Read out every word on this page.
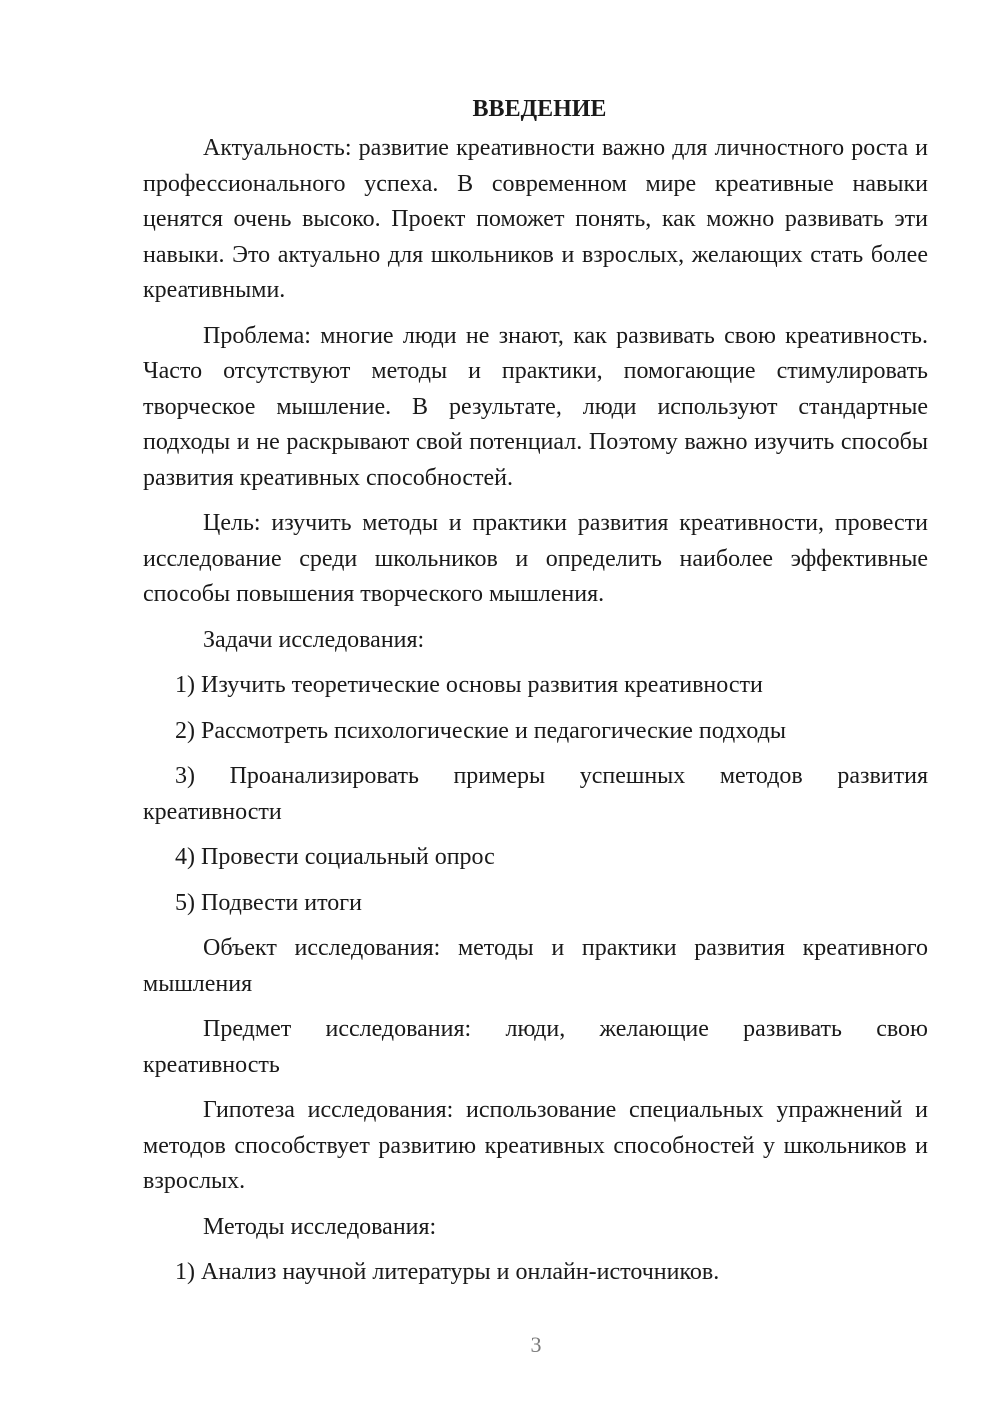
ВВЕДЕНИЕ

Актуальность: развитие креативности важно для личностного роста и профессионального успеха. В современном мире креативные навыки ценятся очень высоко. Проект поможет понять, как можно развивать эти навыки. Это актуально для школьников и взрослых, желающих стать более креативными.

Проблема: многие люди не знают, как развивать свою креативность. Часто отсутствуют методы и практики, помогающие стимулировать творческое мышление. В результате, люди используют стандартные подходы и не раскрывают свой потенциал. Поэтому важно изучить способы развития креативных способностей.

Цель: изучить методы и практики развития креативности, провести исследование среди школьников и определить наиболее эффективные способы повышения творческого мышления.

Задачи исследования:

1) Изучить теоретические основы развития креативности

2) Рассмотреть психологические и педагогические подходы

3) Проанализировать примеры успешных методов развития креативности

4) Провести социальный опрос

5) Подвести итоги

Объект исследования: методы и практики развития креативного мышления

Предмет исследования: люди, желающие развивать свою креативность

Гипотеза исследования: использование специальных упражнений и методов способствует развитию креативных способностей у школьников и взрослых.

Методы исследования:

1) Анализ научной литературы и онлайн-источников.

3
